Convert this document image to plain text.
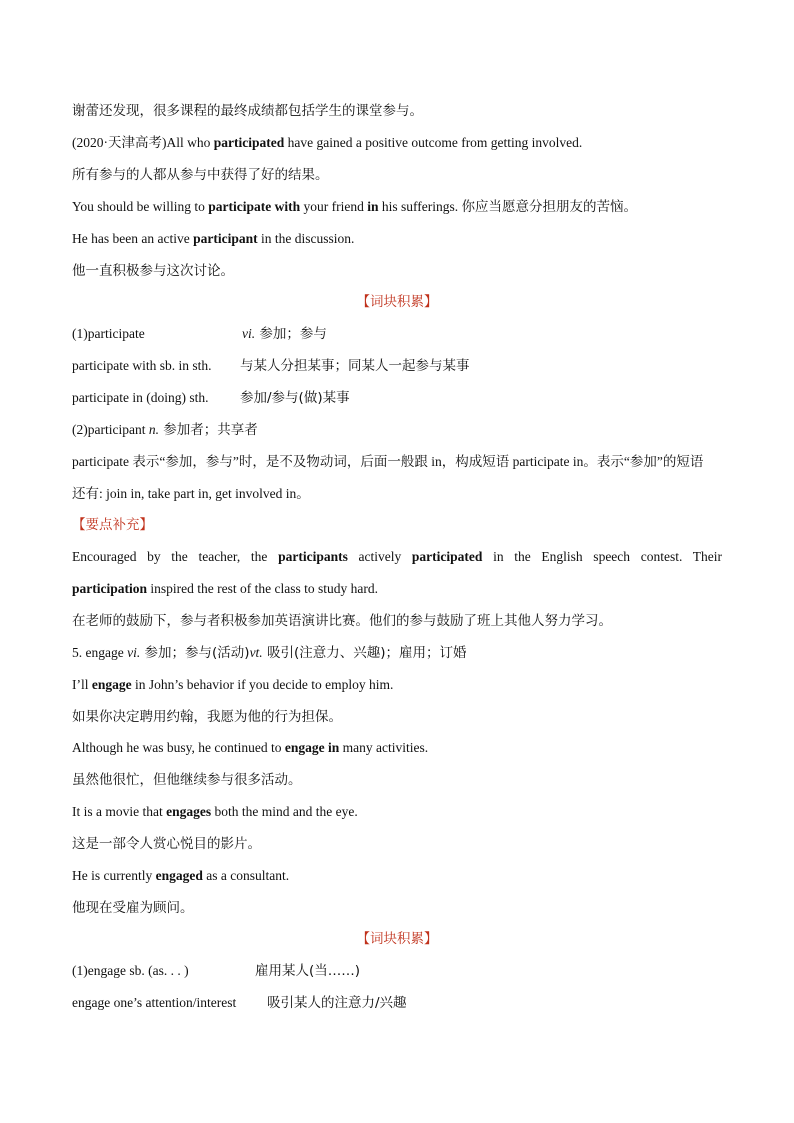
谢蕾还发现，很多课程的最终成绩都包括学生的课堂参与。
(2020·天津高考)All who participated have gained a positive outcome from getting involved.
所有参与的人都从参与中获得了好的结果。
You should be willing to participate with your friend in his sufferings. 你应当愿意分担朋友的苦恼。
He has been an active participant in the discussion.
他一直积极参与这次讨论。
【词块积累】
(1)participate	vi. 参加；参与
participate with sb. in sth. 与某人分担某事；同某人一起参与某事
participate in (doing) sth. 参加/参与(做)某事
(2)participant n. 参加者；共享者
participate 表示“参加，参与”时，是不及物动词，后面一般跟 in，构成短语 participate in。表示“参加”的短语
还有: join in, take part in, get involved in。
【要点补充】
Encouraged by the teacher, the participants actively participated in the English speech contest. Their
participation inspired the rest of the class to study hard.
在老师的鼓励下，参与者积极参加英语演讲比赛。他们的参与鼓励了班上其他人努力学习。
5. engage vi. 参加；参与(活动)vt. 吸引(注意力、兴趣)；雇用；订婚
I’ll engage in John’s behavior if you decide to employ him.
如果你决定聘用约翰，我愿为他的行为担保。
Although he was busy, he continued to engage in many activities.
虽然他很忙，但他继续参与很多活动。
It is a movie that engages both the mind and the eye.
这是一部令人赏心悦目的影片。
He is currently engaged as a consultant.
他现在受雇为顾问。
【词块积累】
(1)engage sb. (as. . . )	雇用某人(当……)
engage one’s attention/interest 吸引某人的注意力/兴趣
